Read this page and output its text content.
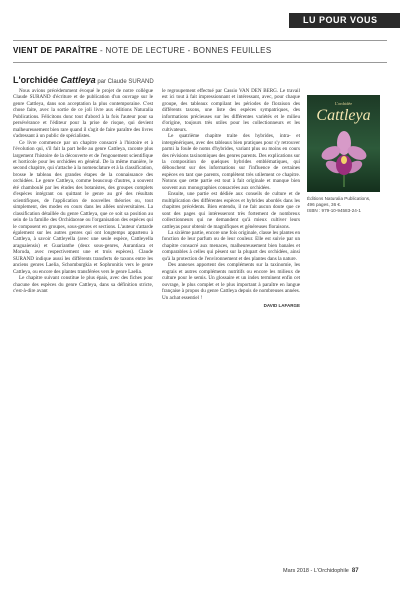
LU POUR VOUS
VIENT DE PARAÎTRE - NOTE DE LECTURE - BONNES FEUILLES
L'orchidée Cattleya par Claude SURAND

Nous avions précédemment évoqué le projet de notre collègue Claude SURAND d'écriture et de publication d'un ouvrage sur le genre Cattleya, dans son acceptation la plus contemporaine. C'est chose faite, avec la sortie de ce joli livre aux éditions Naturalia Publications. Félicitons donc tout d'abord à la fois l'auteur pour sa persévérance et l'éditeur pour la prise de risque, qui devient malheureusement bien rare quand il s'agit de faire paraître des livres s'adressant à un public de spécialistes.

Ce livre commence par un chapitre consacré à l'histoire et à l'évolution qui, s'il fait la part belle au genre Cattleya, raconte plus largement l'histoire de la découverte et de l'engouement scientifique et horticole pour les orchidées en général. De la même manière, le second chapitre, qui s'attache à la nomenclature et à la classification, brosse le tableau des grandes étapes de la connaissance des orchidées. Le genre Cattleya, comme beaucoup d'autres, a souvent été chamboulé par les études des botanistes, des groupes complets d'espèces intégrant ou quittant le genre au gré des résultats scientifiques, de l'application de nouvelles théories ou, tout simplement, des modes en cours dans les allées universitaires. La classification détaillée du genre Cattleya, que ce soit sa position au sein de la famille des Orchidaceae ou l'organisation des espèces qui le composent en groupes, sous-genres et sections. L'auteur s'attarde également sur les autres genres qui ont longtemps appartenu à Cattleya, à savoir Cattleyella (avec une seule espèce, Cattleyella araguaiensis) et Guarianthe (deux sous-genres, Aurantiaca et Moruda, avec respectivement une et trois espèces). Claude SURAND indique aussi les différents transferts de taxons entre les anciens genres Laelia, Schomburgkia et Sophronitis vers le genre Cattleya, ou encore des plantes transférées vers le genre Laelia.

Le chapitre suivant constitue le plus épais, avec des fiches pour chacune des espèces du genre Cattleya, dans sa définition stricte, c'est-à-dire avant

le regroupement effectué par Cassio VAN DEN BERG. Le travail est ici tout à fait impressionnant et intéressant, avec, pour chaque groupe, des tableaux compilant les périodes de floraison des différents taxons, une liste des espèces sympatriques, des informations précieuses sur les différentes variétés et le milieu d'origine, toujours très utiles pour les collectionneurs et les cultivateurs.

Le quatrième chapitre traite des hybrides, intra- et intergénériques, avec des tableaux bien pratiques pour s'y retrouver parmi la foule de noms d'hybrides, variant plus ou moins en cours des révisions taxinomiques des genres parents. Des explications sur la composition de quelques hybrides emblématiques, qui débouchent sur des informations sur l'influence de certaines espèces en tant que parents, complètent très utilement ce chapitre. Notons que cette partie est tout à fait originale et manque bien souvent aux monographies consacrées aux orchidées.

Ensuite, une partie est dédiée aux conseils de culture et de multiplication des différentes espèces et hybrides abordés dans les chapitres précédents. Bien entendu, il ne fait aucun doute que ce sont des pages qui intéresseront très fortement de nombreux collectionneurs qui ne demandent qu'à mieux cultiver leurs cattleyas pour obtenir de magnifiques et généreuses floraisons.

La sixième partie, encore une fois originale, classe les plantes en fonction de leur parfum ou de leur couleur. Elle est suivie par un chapitre consacré aux menaces, malheureusement bien banales et comparables à celles qui pèsent sur la plupart des orchidées, ainsi qu'à la protection de l'environnement et des plantes dans la nature.

Des annexes apportent des compléments sur la taxinomie, les engrais et autres compléments nutritifs ou encore les milieux de culture pour le semis. Un glossaire et un index terminent enfin cet ouvrage, le plus complet et le plus important à paraître en langue française à propos du genre Cattleya depuis de nombreuses années. Un achat essentiel !

DAVID LAFARGE
L'orchidée
Cattleya
Éditions Naturalia Publications,
496 pages, 36 €.
ISBN : 979-10-94583-24-1
Mars 2018 - L'Orchidophile 87
